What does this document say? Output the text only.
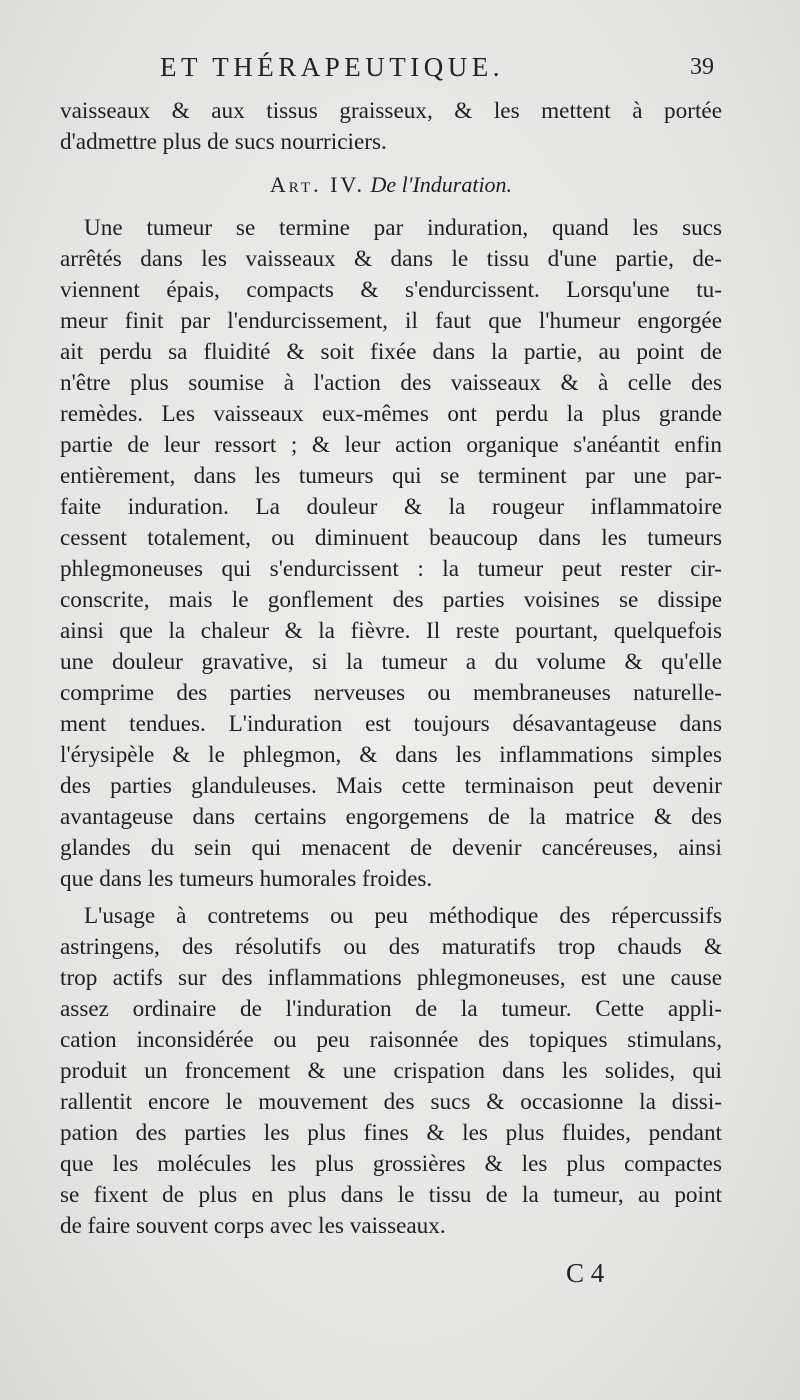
ET THÉRAPEUTIQUE.	39
vaisseaux & aux tissus graisseux, & les mettent à portée
d'admettre plus de sucs nourriciers.
Art. IV. De l'Induration.
Une tumeur se termine par induration, quand les sucs
arrêtés dans les vaisseaux & dans le tissu d'une partie, de-
viennent épais, compacts & s'endurcissent. Lorsqu'une tu-
meur finit par l'endurcissement, il faut que l'humeur engorgée
ait perdu sa fluidité & soit fixée dans la partie, au point de
n'être plus soumise à l'action des vaisseaux & à celle des
remèdes. Les vaisseaux eux-mêmes ont perdu la plus grande
partie de leur ressort ; & leur action organique s'anéantit enfin
entièrement, dans les tumeurs qui se terminent par une par-
faite induration. La douleur & la rougeur inflammatoire
cessent totalement, ou diminuent beaucoup dans les tumeurs
phlegmoneuses qui s'endurcissent : la tumeur peut rester cir-
conscrite, mais le gonflement des parties voisines se dissipe
ainsi que la chaleur & la fièvre. Il reste pourtant, quelquefois
une douleur gravative, si la tumeur a du volume & qu'elle
comprime des parties nerveuses ou membraneuses naturelle-
ment tendues. L'induration est toujours désavantageuse dans
l'érysipèle & le phlegmon, & dans les inflammations simples
des parties glanduleuses. Mais cette terminaison peut devenir
avantageuse dans certains engorgemens de la matrice & des
glandes du sein qui menacent de devenir cancéreuses, ainsi
que dans les tumeurs humorales froides.
L'usage à contretems ou peu méthodique des répercussifs
astringens, des résolutifs ou des maturatifs trop chauds &
trop actifs sur des inflammations phlegmoneuses, est une cause
assez ordinaire de l'induration de la tumeur. Cette appli-
cation inconsidérée ou peu raisonnée des topiques stimulans,
produit un froncement & une crispation dans les solides, qui
rallentit encore le mouvement des sucs & occasionne la dissi-
pation des parties les plus fines & les plus fluides, pendant
que les molécules les plus grossières & les plus compactes
se fixent de plus en plus dans le tissu de la tumeur, au point
de faire souvent corps avec les vaisseaux.
C 4
